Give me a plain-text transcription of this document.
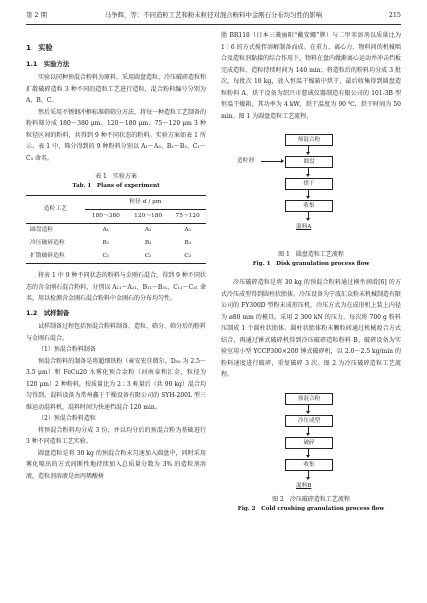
第 2 期	马争辉，等：不同造粒工艺和粉末粒径对混合粉料中金刚石分布均匀性的影响	215
1　实验
1.1　实验方法

实验以同种预混合粉料为原料，采用圆盘造粒、冷压破碎造粒和扩散破碎造粒 3 种不同的造粒工艺进行造粒，混合粉料编号分别为 A、B、C。

然后采用不锈钢冲框标准筛筛分方法，将每一种造粒工艺制备的粉料筛分成 180～380 μm、120～180 μm、75～120 μm 3 种粒径区间的粉料，共得到 9 种不同状态的粉料。实验方案如表 1 所示。表 1 中，筛分得到的 9 种粉料分别以 A₁～A₃、B₁～B₃、C₁～C₃ 命名。

表 1　实验方案
Tab. 1　Plans of experiment
造粒工艺	粒径 d / μm		
	180～380	120～180	75～120
圆盘造粒	A₁	A₂	A₃
冷压破碎造粒	B₁	B₂	B₃
扩散破碎造粒	C₁	C₂	C₃

将表 1 中 9 种不同状态的粉料与金刚石混合，得到 9 种不同状态的含金刚石混合粉料，分别以 A₁₁～A₃₁、B₁₁～B₃₁、C₁₁～C₃₁ 命名，用以检测含金刚石混合粉料中金刚石的分布均匀性。

1.2　试样制备

试样制备过程包括预混合粉料制备、造粒、筛分、筛分后的粉料与金刚石混合。

（1）预混合粉料制备

预混合粉料的制备是将超细铁粉（雍安宏佳微尔，D₅₀ 为 2.5～3.5 μm）和 FeCu20 水雾化预合金粉（河南泰和汇金，粒径为 120 μm）2 种粉料，按质量比为 2∶3 称量后（共 90 kg）混合均匀得到。混料设备为常州鑫于干燥设备有限公司的 SYH-200L 型三维运动混料机，混料时间为快速挡混合 120 min。

（2）预混合粉料造粒

将预混合粉料均分成 3 份，并以均分后的预混合粉为基础进行 3 种不同造粒工艺实验。

圆盘造粒是将 30 kg 的预混合粉末匀速加入圆盘中，同时采用雾化喷出的方式间断性地持续加入总质量分数为 3% 的造粒剂溶液，造粒剂溶液是由丙烯酸树

脂 BR118（日本三菱丽阳“戴安娜”牌）与二甲苯溶剂以质量比为 1∶6 的方式搅拌溶解制备而成。在重力、离心力、物料间的机械啮合及造粒剂黏接的综合作用下，物料在盘内做渐离心运动并冲击挡板完成造粒。造粒持续时间为 140 min；将造粒后的粉料均分成 3 批次，每批次 10 kg，放入恒温干燥箱中烘干，最后收集得到圆盘造粒粉料 A。烘干设备为绍兴市慈诚仪器制造有限公司的 101-3B 型恒温干燥箱，其功率为 4 kW，烘干温度为 90 ℃，烘干时间为 50 min。图 1 为圆盘造粒工艺流程。

预混合粉
造粒剂	圆盘
烘干
收集
混料A
图 1　圆盘造粒工艺流程
Fig. 1　Disk granulation process flow

冷压破碎造粒是将 30 kg 的预混合粉料通过横坐润滑[6] 的方式冷压成型得到圆柱状胎体。冷压设备为宁波汇众粉末机械制造有限公司的 FY300D 型粉末成形压机，冷压方式为在成形机上装上内径为 ø80 mm 的模具，采用 2 300 kN 的压力，每次将 700 g 粉料压制成 1 个圆柱状胎体。圆柱状胎体粉末颗粒间通过机械咬合方式结合，再通过锤式破碎机得到冷压破碎造粒粉料 B。破碎设备为实验室用小型 YCCP300×200 锤式破碎机，以 2.0～2.5 kg/min 的粉料速度进行破碎，重复破碎 3 次。图 2 为冷压破碎造粒工艺流程。

预混合粉
冷压成型
破碎
收集
混料B
图 2　冷压破碎造粒工艺流程
Fig. 2　Cold crushing granulation process flow
